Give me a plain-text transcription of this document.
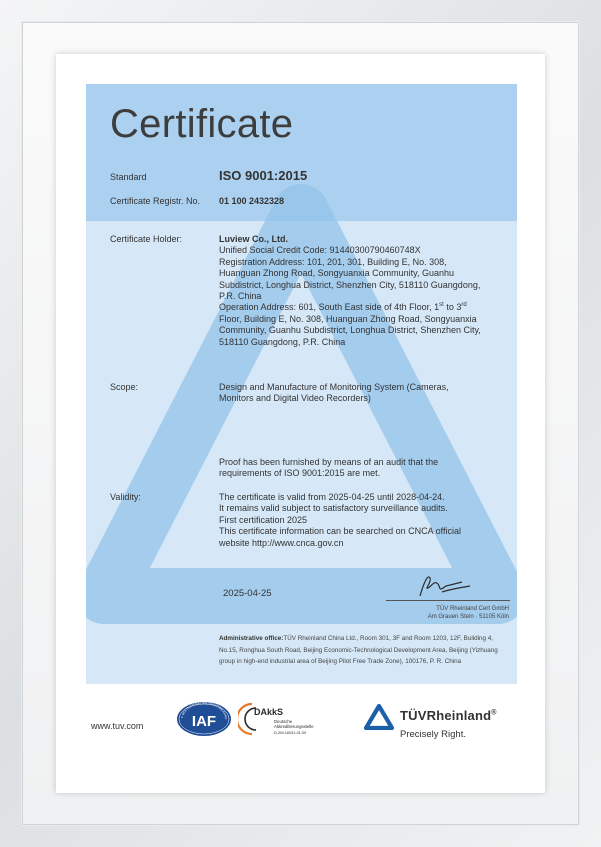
Certificate
Standard	ISO 9001:2015
Certificate Registr. No. 01 100 2432328
Certificate Holder:	Luview Co., Ltd.
Unified Social Credit Code: 91440300790460748X
Registration Address: 101, 201, 301, Building E, No. 308,
Huanguan Zhong Road, Songyuanxia Community, Guanhu
Subdistrict, Longhua District, Shenzhen City, 518110 Guangdong,
P.R. China
Operation Address: 601, South East side of 4th Floor, 1st to 3rd
Floor, Building E, No. 308, Huanguan Zhong Road, Songyuanxia
Community, Guanhu Subdistrict, Longhua District, Shenzhen City,
518110 Guangdong, P.R. China
Scope:	Design and Manufacture of Monitoring System (Cameras,
Monitors and Digital Video Recorders)
Proof has been furnished by means of an audit that the
requirements of ISO 9001:2015 are met.
Validity:	The certificate is valid from 2025-04-25 until 2028-04-24.
It remains valid subject to satisfactory surveillance audits.
First certification 2025
This certificate information can be searched on CNCA official
website http://www.cnca.gov.cn
2025-04-25
TÜV Rheinland Cert GmbH
Am Grauen Stein · 51105 Köln
Administrative office:TÜV Rheinland China Ltd., Room 301, 3F and Room 1203, 12F, Building 4, No.15, Ronghua South Road, Beijing Economic-Technological Development Area, Beijing (Yizhuang group in high-end industrial area of Beijing Pilot Free Trade Zone), 100176, P. R. China
www.tuv.com
F MULTILATERAL RECOGNITION ARRA
IAF
DAkkS
Deutsche
Akkreditierungsstelle
D-ZM-16031-01-00
TÜVRheinland®
Precisely Right.
